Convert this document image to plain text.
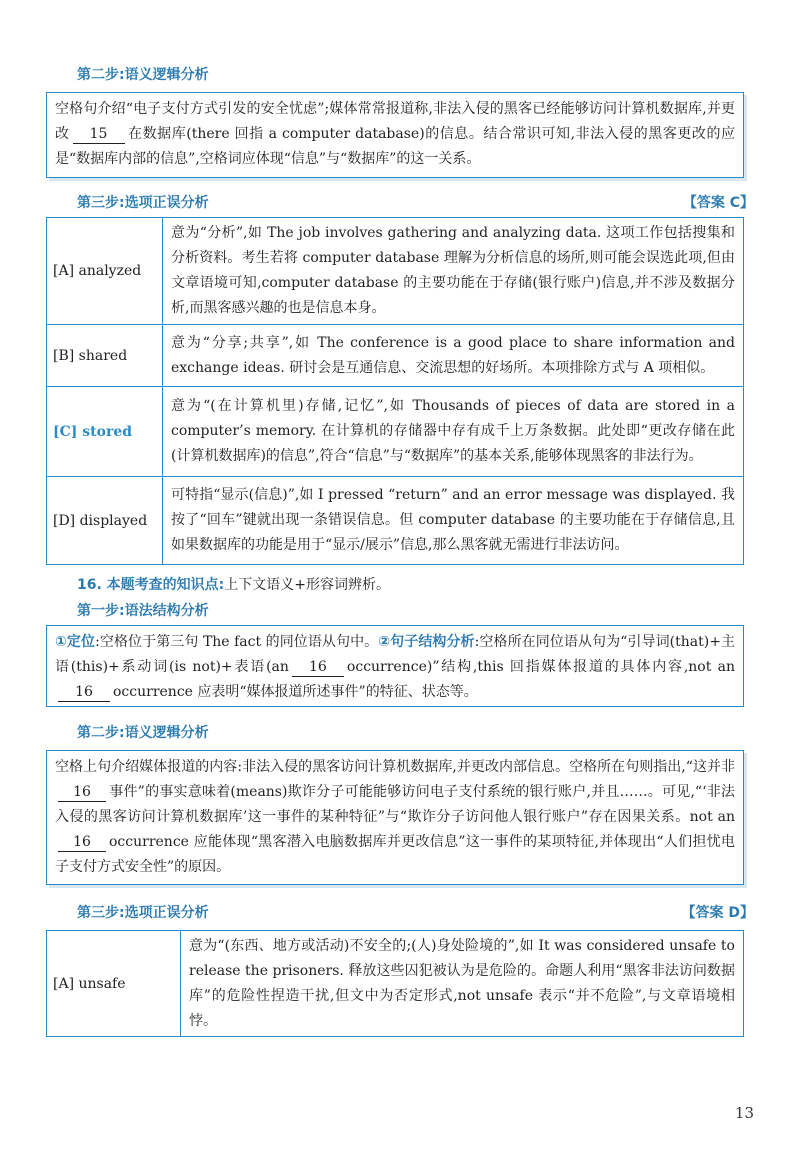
第二步:语义逻辑分析
空格句介绍“电子支付方式引发的安全忧虑”;媒体常常报道称,非法入侵的黑客已经能够访问计算机数据库,并更改 15 在数据库(there 回指 a computer database)的信息。结合常识可知,非法入侵的黑客更改的应是“数据库内部的信息”,空格词应体现“信息”与“数据库”的这一关系。
第三步:选项正误分析	【答案 C】
[A] analyzed	意为“分析”,如 The job involves gathering and analyzing data. 这项工作包括搜集和分析资料。考生若将 computer database 理解为分析信息的场所,则可能会误选此项,但由文章语境可知,computer database 的主要功能在于存储(银行账户)信息,并不涉及数据分析,而黑客感兴趣的也是信息本身。
[B] shared	意为“分享;共享”,如 The conference is a good place to share information and exchange ideas. 研讨会是互通信息、交流思想的好场所。本项排除方式与 A 项相似。
[C] stored	意为“(在计算机里)存储,记忆”,如 Thousands of pieces of data are stored in a computer’s memory. 在计算机的存储器中存有成千上万条数据。此处即“更改存储在此(计算机数据库)的信息”,符合“信息”与“数据库”的基本关系,能够体现黑客的非法行为。
[D] displayed	可特指“显示(信息)”,如 I pressed “return” and an error message was displayed. 我按了“回车”键就出现一条错误信息。但 computer database 的主要功能在于存储信息,且如果数据库的功能是用于“显示/展示”信息,那么黑客就无需进行非法访问。
16. 本题考查的知识点:上下文语义+形容词辨析。
第一步:语法结构分析
①定位:空格位于第三句 The fact 的同位语从句中。②句子结构分析:空格所在同位语从句为“引导词(that)+主语(this)+系动词(is not)+表语(an 16 occurrence)”结构,this 回指媒体报道的具体内容,not an16 occurrence 应表明“媒体报道所述事件”的特征、状态等。
第二步:语义逻辑分析
空格上句介绍媒体报道的内容:非法入侵的黑客访问计算机数据库,并更改内部信息。空格所在句则指出,“这并非16 事件”的事实意味着(means)欺诈分子可能能够访问电子支付系统的银行账户,并且……。可见,“‘非法入侵的黑客访问计算机数据库’这一事件的某种特征”与“欺诈分子访问他人银行账户”存在因果关系。not an16 occurrence 应能体现“黑客潜入电脑数据库并更改信息”这一事件的某项特征,并体现出“人们担忧电子支付方式安全性”的原因。
第三步:选项正误分析	【答案 D】
[A] unsafe	意为“(东西、地方或活动)不安全的;(人)身处险境的”,如 It was considered unsafe to release the prisoners. 释放这些囚犯被认为是危险的。命题人利用“黑客非法访问数据库”的危险性捏造干扰,但文中为否定形式,not unsafe 表示“并不危险”,与文章语境相悖。
13
